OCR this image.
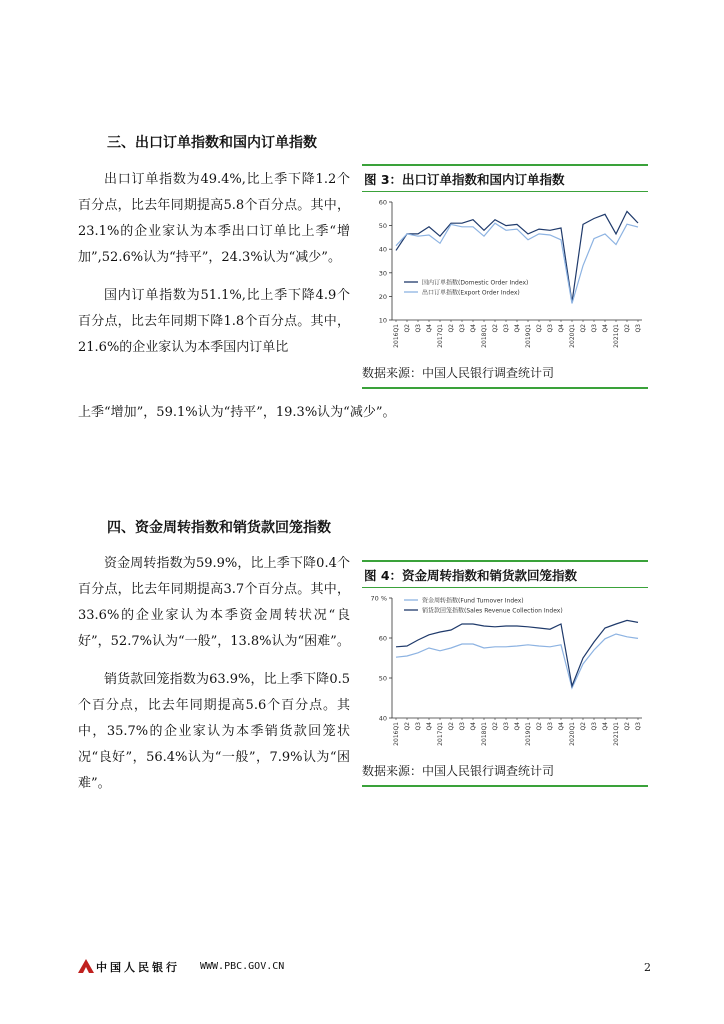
三、出口订单指数和国内订单指数

出口订单指数为49.4%,比上季下降1.2个百分点，比去年同期提高5.8个百分点。其中，23.1%的企业家认为本季出口订单比上季“增加”,52.6%认为“持平”，24.3%认为“减少”。

国内订单指数为51.1%,比上季下降4.9个百分点，比去年同期下降1.8个百分点。其中，21.6%的企业家认为本季国内订单比

上季“增加”，59.1%认为“持平”，19.3%认为“减少”。
图 3：出口订单指数和国内订单指数
10
20
30
40
50
60
2016Q1 Q2 Q3 Q4 2017Q1 Q2 Q3 Q4 2018Q1 Q2 Q3 Q4 2019Q1 Q2 Q3 Q4 2020Q1 Q2 Q3 Q4 2021Q1 Q2 Q3
国内订单指数(Domestic Order Index)
出口订单指数(Export Order Index)
数据来源：中国人民银行调查统计司
四、资金周转指数和销货款回笼指数

资金周转指数为59.9%，比上季下降0.4个百分点，比去年同期提高3.7个百分点。其中，33.6%的企业家认为本季资金周转状况“良好”，52.7%认为“一般”，13.8%认为“困难”。

销货款回笼指数为63.9%，比上季下降0.5个百分点，比去年同期提高5.6个百分点。其中，35.7%的企业家认为本季销货款回笼状况“良好”，56.4%认为“一般”，7.9%认为“困难”。

图 4：资金周转指数和销货款回笼指数
40
50
60
70 %
2016Q1 Q2 Q3 Q4 2017Q1 Q2 Q3 Q4 2018Q1 Q2 Q3 Q4 2019Q1 Q2 Q3 Q4 2020Q1 Q2 Q3 Q4 2021Q1 Q2 Q3
资金周转指数(Fund Turnover Index)
销货款回笼指数(Sales Revenue Collection Index)
数据来源：中国人民银行调查统计司
中国人民银行 WWW.PBC.GOV.CN	2
